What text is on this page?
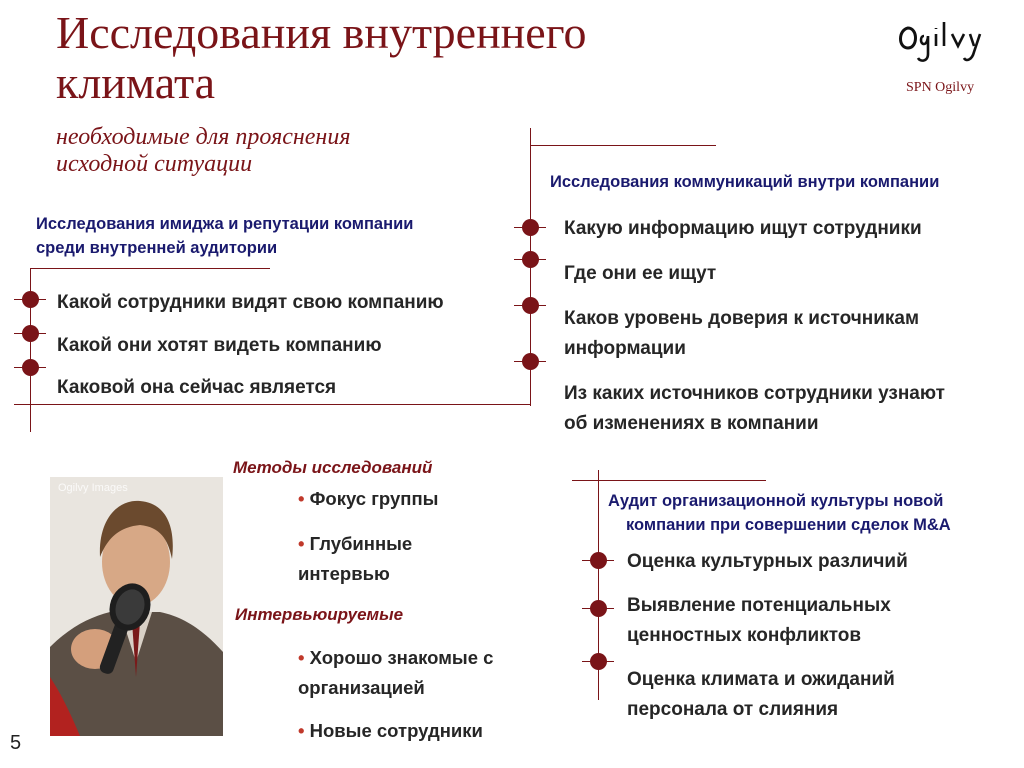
Исследования внутреннего
климата
необходимые для прояснения
исходной ситуации
SPN Ogilvy
Исследования имиджа и репутации компании
среди внутренней аудитории
Какой сотрудники видят свою компанию
Какой они хотят видеть компанию
Каковой она сейчас является
Исследования коммуникаций внутри компании
Какую информацию ищут сотрудники
Где они ее ищут
Каков уровень доверия к источникам
информации
Из каких источников сотрудники узнают
об изменениях в компании
Ogilvy Images
Методы исследований
• Фокус группы
• Глубинные
интервью
Интервьюируемые
• Хорошо знакомые с
организацией
• Новые сотрудники
Аудит организационной культуры новой
компании при совершении сделок M&A
Оценка культурных различий
Выявление потенциальных
ценностных конфликтов
Оценка климата и ожиданий
персонала от слияния
5
